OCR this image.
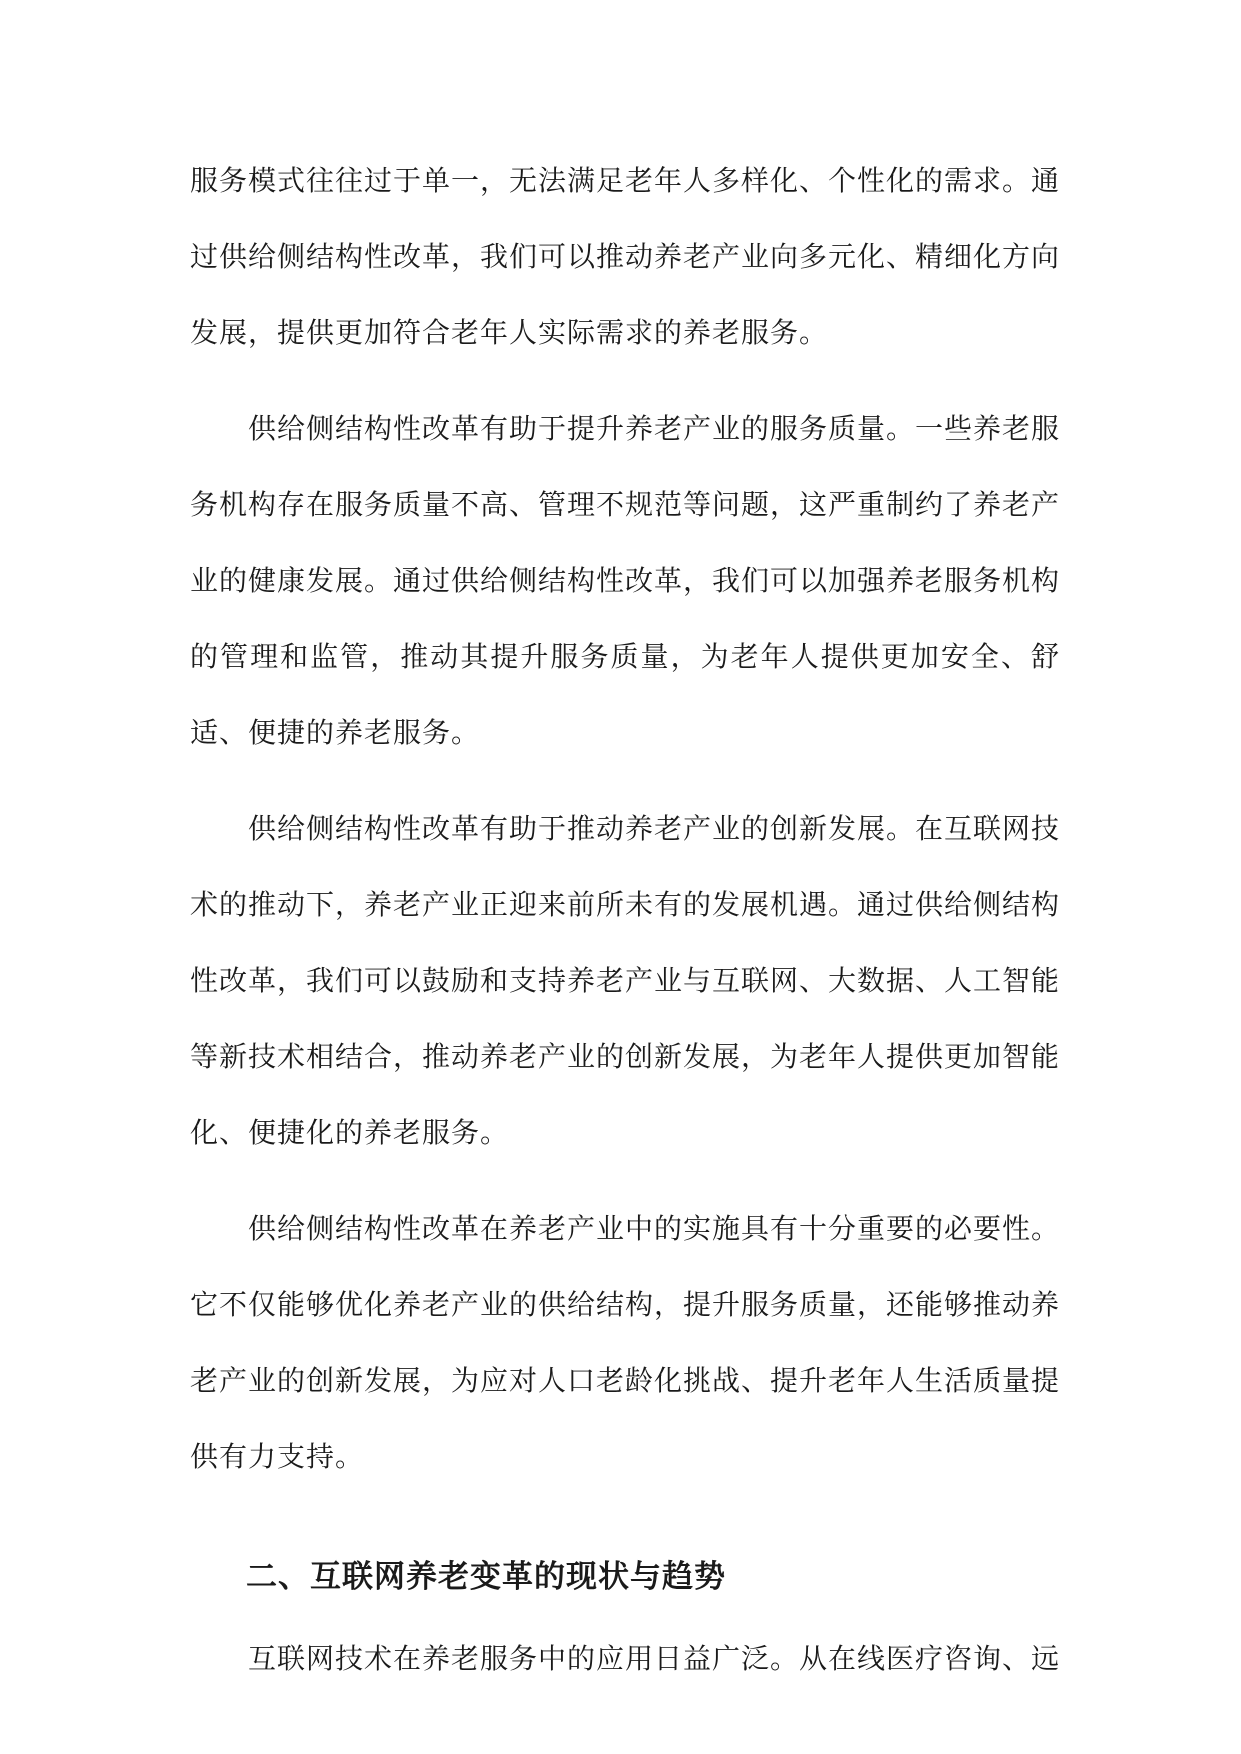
服务模式往往过于单一，无法满足老年人多样化、个性化的需求。通过供给侧结构性改革，我们可以推动养老产业向多元化、精细化方向发展，提供更加符合老年人实际需求的养老服务。

供给侧结构性改革有助于提升养老产业的服务质量。一些养老服务机构存在服务质量不高、管理不规范等问题，这严重制约了养老产业的健康发展。通过供给侧结构性改革，我们可以加强养老服务机构的管理和监管，推动其提升服务质量，为老年人提供更加安全、舒适、便捷的养老服务。

供给侧结构性改革有助于推动养老产业的创新发展。在互联网技术的推动下，养老产业正迎来前所未有的发展机遇。通过供给侧结构性改革，我们可以鼓励和支持养老产业与互联网、大数据、人工智能等新技术相结合，推动养老产业的创新发展，为老年人提供更加智能化、便捷化的养老服务。

供给侧结构性改革在养老产业中的实施具有十分重要的必要性。它不仅能够优化养老产业的供给结构，提升服务质量，还能够推动养老产业的创新发展，为应对人口老龄化挑战、提升老年人生活质量提供有力支持。

二、互联网养老变革的现状与趋势

互联网技术在养老服务中的应用日益广泛。从在线医疗咨询、远
